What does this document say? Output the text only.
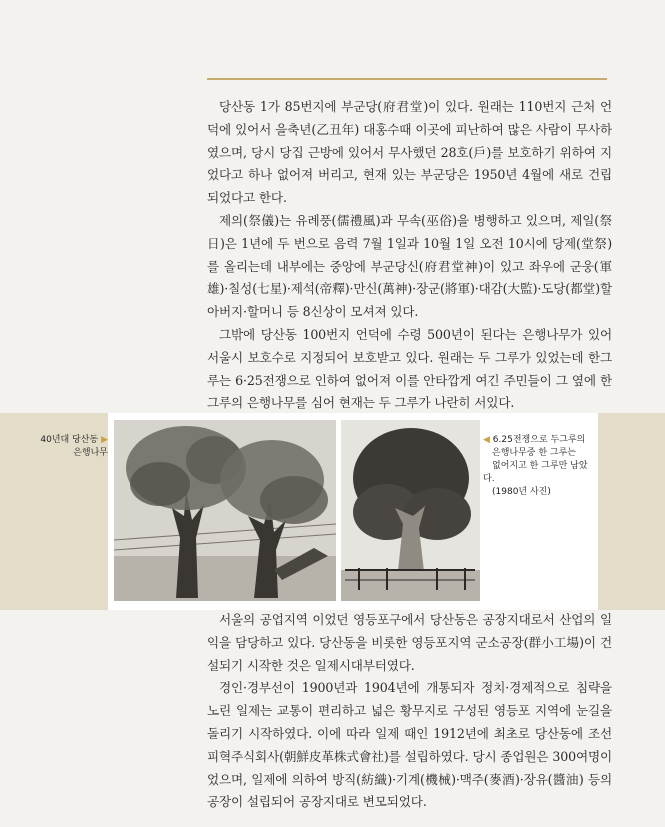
당산동 1가 85번지에 부군당(府君堂)이 있다. 원래는 110번지 근처 언덕에 있어서 을축년(乙丑年) 대홍수때 이곳에 피난하여 많은 사람이 무사하였으며, 당시 당집 근방에 있어서 무사했던 28호(戶)를 보호하기 위하여 지었다고 하나 없어져 버리고, 현재 있는 부군당은 1950년 4월에 새로 건립되었다고 한다.

제의(祭儀)는 유례풍(儒禮風)과 무속(巫俗)을 병행하고 있으며, 제일(祭日)은 1년에 두 번으로 음력 7월 1일과 10월 1일 오전 10시에 당제(堂祭)를 올리는데 내부에는 중앙에 부군당신(府君堂神)이 있고 좌우에 군웅(軍雄)·칠성(七星)·제석(帝釋)·만신(萬神)·장군(將軍)·대감(大監)·도당(都堂)할아버지·할머니 등 8신상이 모셔져 있다.

그밖에 당산동 100번지 언덕에 수령 500년이 된다는 은행나무가 있어 서울시 보호수로 지정되어 보호받고 있다. 원래는 두 그루가 있었는데 한그루는 6·25전쟁으로 인하여 없어져 이를 안타깝게 여긴 주민들이 그 옆에 한 그루의 은행나무를 심어 현재는 두 그루가 나란히 서있다.

40년대 당산동 ▶
은행나무
◀ 6.25전쟁으로 두그루의
은행나무중 한 그루는
없어지고 한 그루만 남았다.
(1980년 사진)

서울의 공업지역 이었던 영등포구에서 당산동은 공장지대로서 산업의 일익을 담당하고 있다. 당산동을 비롯한 영등포지역 군소공장(群小工場)이 건설되기 시작한 것은 일제시대부터였다.

경인·경부선이 1900년과 1904년에 개통되자 정치·경제적으로 침략을 노린 일제는 교통이 편리하고 넓은 황무지로 구성된 영등포 지역에 눈길을 돌리기 시작하였다. 이에 따라 일제 때인 1912년에 최초로 당산동에 조선피혁주식회사(朝鮮皮革株式會社)를 설립하였다. 당시 종업원은 300여명이었으며, 일제에 의하여 방직(紡織)·기계(機械)·맥주(麥酒)·장유(醬油) 등의 공장이 설립되어 공장지대로 변모되었다.
